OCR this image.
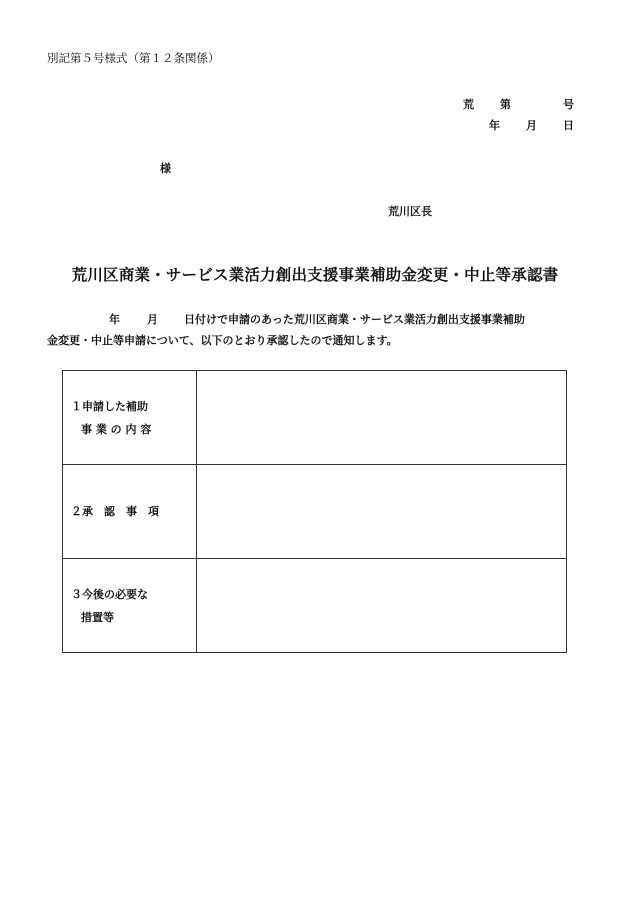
別記第５号様式（第１２条関係）
荒 第	号
年 月 日
様
荒川区長
荒川区商業・サービス業活力創出支援事業補助金変更・中止等承認書
年 月 日付けで申請のあった荒川区商業・サービス業活力創出支援事業補助
金変更・中止等申請について、以下のとおり承認したので通知します。
１申請した補助
事 業 の 内 容	

２承　認　事　項	

３今後の必要な
措置等	
